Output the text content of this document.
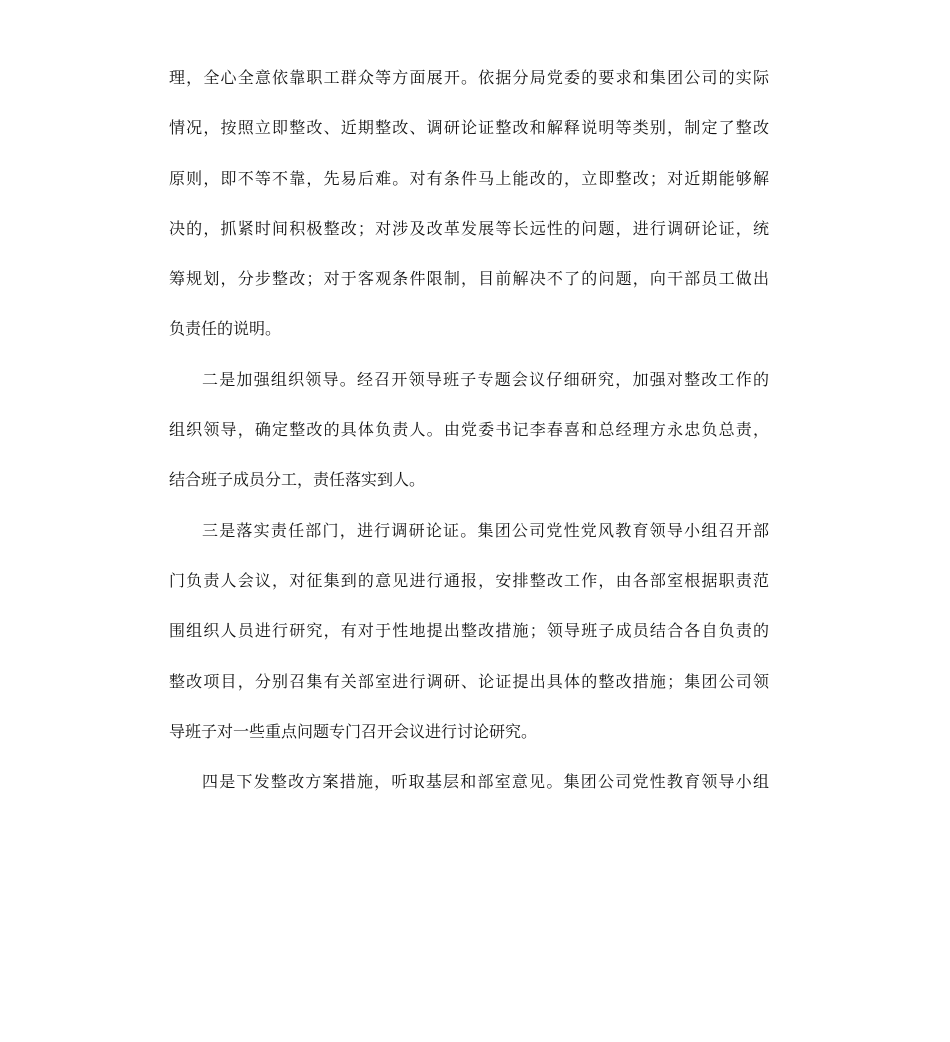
理，全心全意依靠职工群众等方面展开。依据分局党委的要求和集团公司的实际
情况，按照立即整改、近期整改、调研论证整改和解释说明等类别，制定了整改
原则，即不等不靠，先易后难。对有条件马上能改的，立即整改；对近期能够解
决的，抓紧时间积极整改；对涉及改革发展等长远性的问题，进行调研论证，统
筹规划，分步整改；对于客观条件限制，目前解决不了的问题，向干部员工做出
负责任的说明。
二是加强组织领导。经召开领导班子专题会议仔细研究，加强对整改工作的
组织领导，确定整改的具体负责人。由党委书记李春喜和总经理方永忠负总责，
结合班子成员分工，责任落实到人。
三是落实责任部门，进行调研论证。集团公司党性党风教育领导小组召开部
门负责人会议，对征集到的意见进行通报，安排整改工作，由各部室根据职责范
围组织人员进行研究，有对于性地提出整改措施；领导班子成员结合各自负责的
整改项目，分别召集有关部室进行调研、论证提出具体的整改措施；集团公司领
导班子对一些重点问题专门召开会议进行讨论研究。
四是下发整改方案措施，听取基层和部室意见。集团公司党性教育领导小组
